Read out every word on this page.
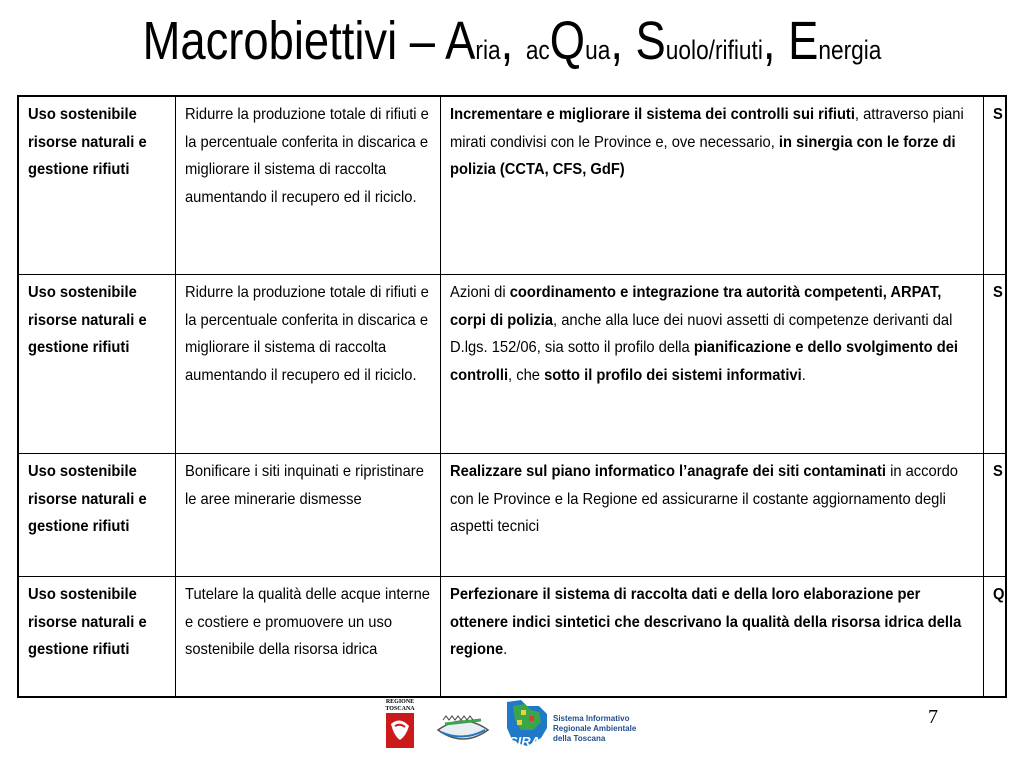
Macrobiettivi – Aria, acQua, Suolo/rifiuti, Energia
Uso sostenibile risorse naturali e gestione rifiuti	Ridurre la produzione totale di rifiuti e la percentuale conferita in discarica e migliorare il sistema di raccolta aumentando il recupero ed il riciclo.	Incrementare e migliorare il sistema dei controlli sui rifiuti, attraverso piani mirati condivisi con le Province e, ove necessario, in sinergia con le forze di polizia (CCTA, CFS, GdF)	S

Uso sostenibile risorse naturali e gestione rifiuti	Ridurre la produzione totale di rifiuti e la percentuale conferita in discarica e migliorare il sistema di raccolta aumentando il recupero ed il riciclo.	Azioni di coordinamento e integrazione tra autorità competenti, ARPAT, corpi di polizia, anche alla luce dei nuovi assetti di competenze derivanti dal D.lgs. 152/06, sia sotto il profilo della pianificazione e dello svolgimento dei controlli, che sotto il profilo dei sistemi informativi.	S

Uso sostenibile risorse naturali e gestione rifiuti	Bonificare i siti inquinati e ripristinare le aree minerarie dismesse	Realizzare sul piano informatico l’anagrafe dei siti contaminati in accordo con le Province e la Regione ed assicurarne il costante aggiornamento degli aspetti tecnici	S

Uso sostenibile risorse naturali e gestione rifiuti	Tutelare la qualità delle acque interne e costiere e promuovere un uso sostenibile della risorsa idrica	Perfezionare il sistema di raccolta dati e della loro elaborazione per ottenere indici sintetici che descrivano la qualità della risorsa idrica della regione.	Q
REGIONE
TOSCANA
SIRA
Sistema Informativo
Regionale Ambientale
della Toscana
7
